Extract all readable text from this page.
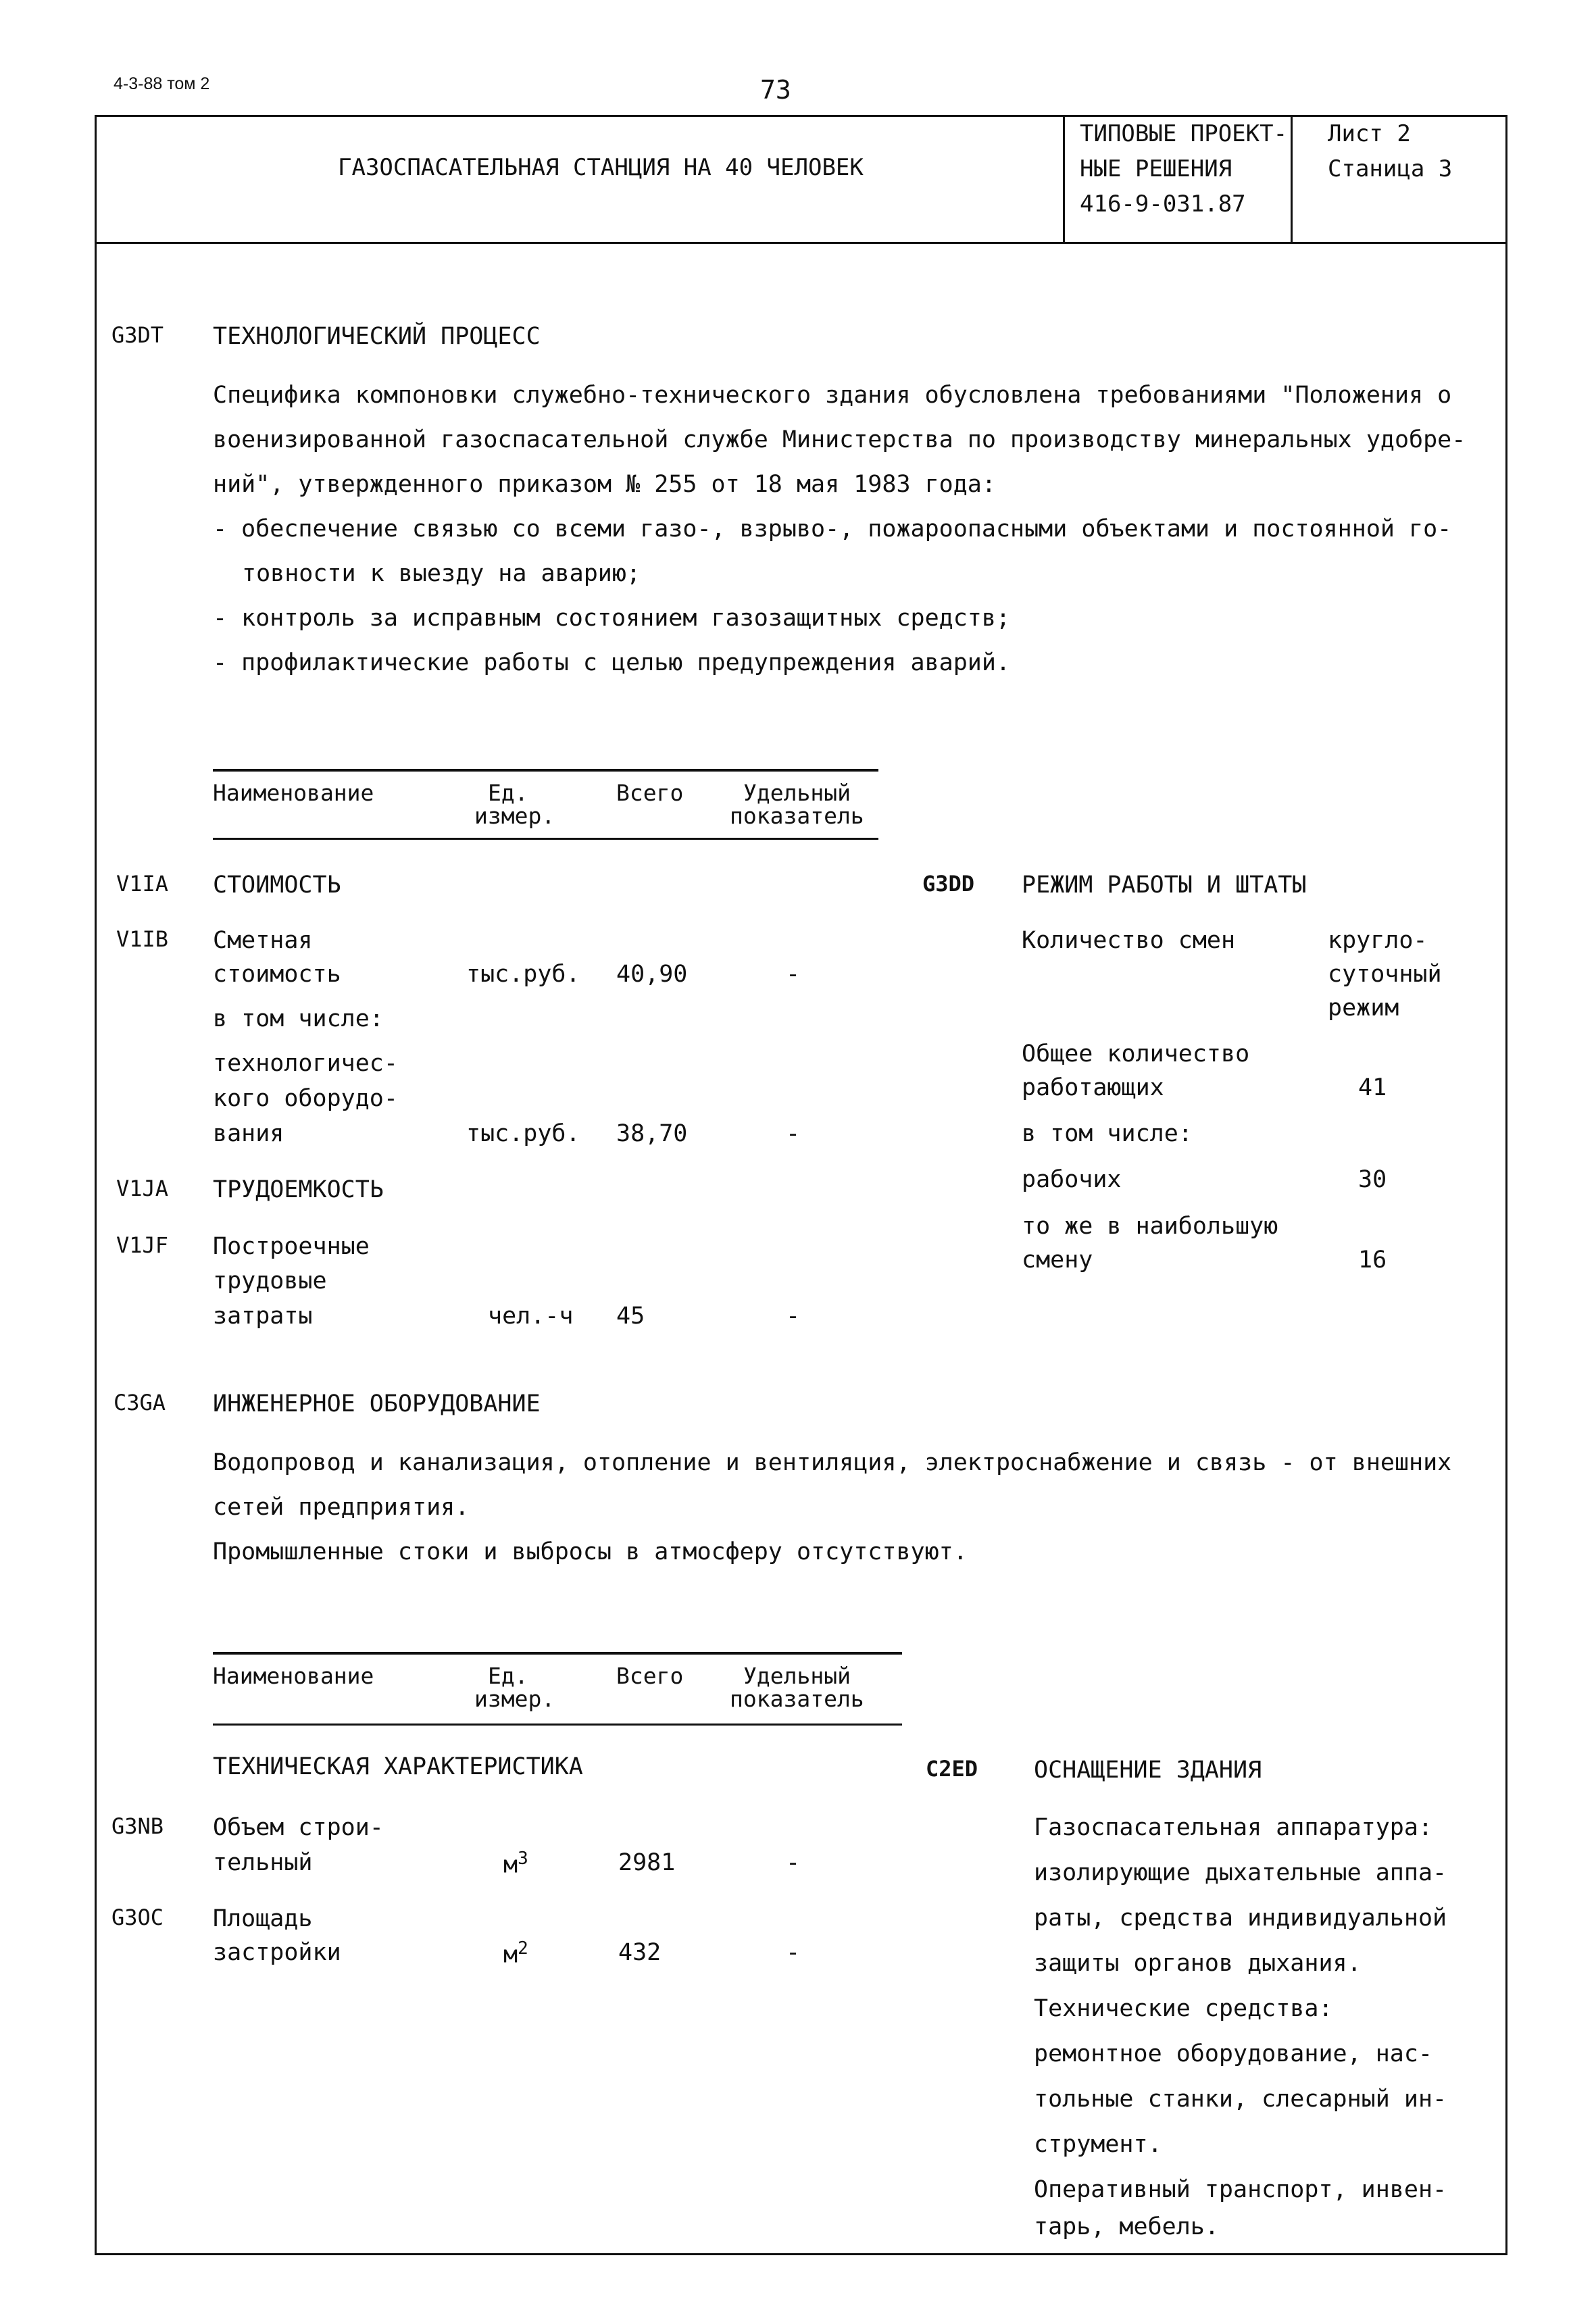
4-3-88 том 2	73
ГАЗОСПАСАТЕЛЬНАЯ СТАНЦИЯ НА 40 ЧЕЛОВЕК
ТИПОВЫЕ ПРОЕКТ-
НЫЕ РЕШЕНИЯ
416-9-031.87
Лист 2
Станица 3
G3DT ТЕХНОЛОГИЧЕСКИЙ ПРОЦЕСС
Специфика компоновки служебно-технического здания обусловлена требованиями "Положения о
военизированной газоспасательной службе Министерства по производству минеральных удобре-
ний", утвержденного приказом № 255 от 18 мая 1983 года:
- обеспечение связью со всеми газо-, взрыво-, пожароопасными объектами и постоянной го-
товности к выезду на аварию;
- контроль за исправным состоянием газозащитных средств;
- профилактические работы с целью предупреждения аварий.
Наименование	Ед.
измер.
Всего	Удельный
показатель
V1IA СТОИМОСТЬ
V1IB Сметная
стоимость	тыс.руб. 40,90	-
в том числе:
технологичес-
кого оборудо-
вания	тыс.руб. 38,70	-
V1JA ТРУДОЕМКОСТЬ
V1JF Построечные
трудовые
затраты	чел.-ч 45	-
G3DD РЕЖИМ РАБОТЫ И ШТАТЫ
Количество смен	кругло-
суточный
режим
Общее количество
работающих	41
в том числе:
рабочих	30
то же в наибольшую
смену	16
C3GA ИНЖЕНЕРНОЕ ОБОРУДОВАНИЕ
Водопровод и канализация, отопление и вентиляция, электроснабжение и связь - от внешних
сетей предприятия.
Промышленные стоки и выбросы в атмосферу отсутствуют.
Наименование	Ед.
измер.
Всего	Удельный
показатель
ТЕХНИЧЕСКАЯ ХАРАКТЕРИСТИКА
G3NB Объем строи-
тельный	$м^3$	2981	-
G3OC Площадь
застройки	$м^2$	432	-
C2ED ОСНАЩЕНИЕ ЗДАНИЯ
Газоспасательная аппаратура:
изолирующие дыхательные аппа-
раты, средства индивидуальной
защиты органов дыхания.
Технические средства:
ремонтное оборудование, нас-
тольные станки, слесарный ин-
струмент.
Оперативный транспорт, инвен-
тарь, мебель.
